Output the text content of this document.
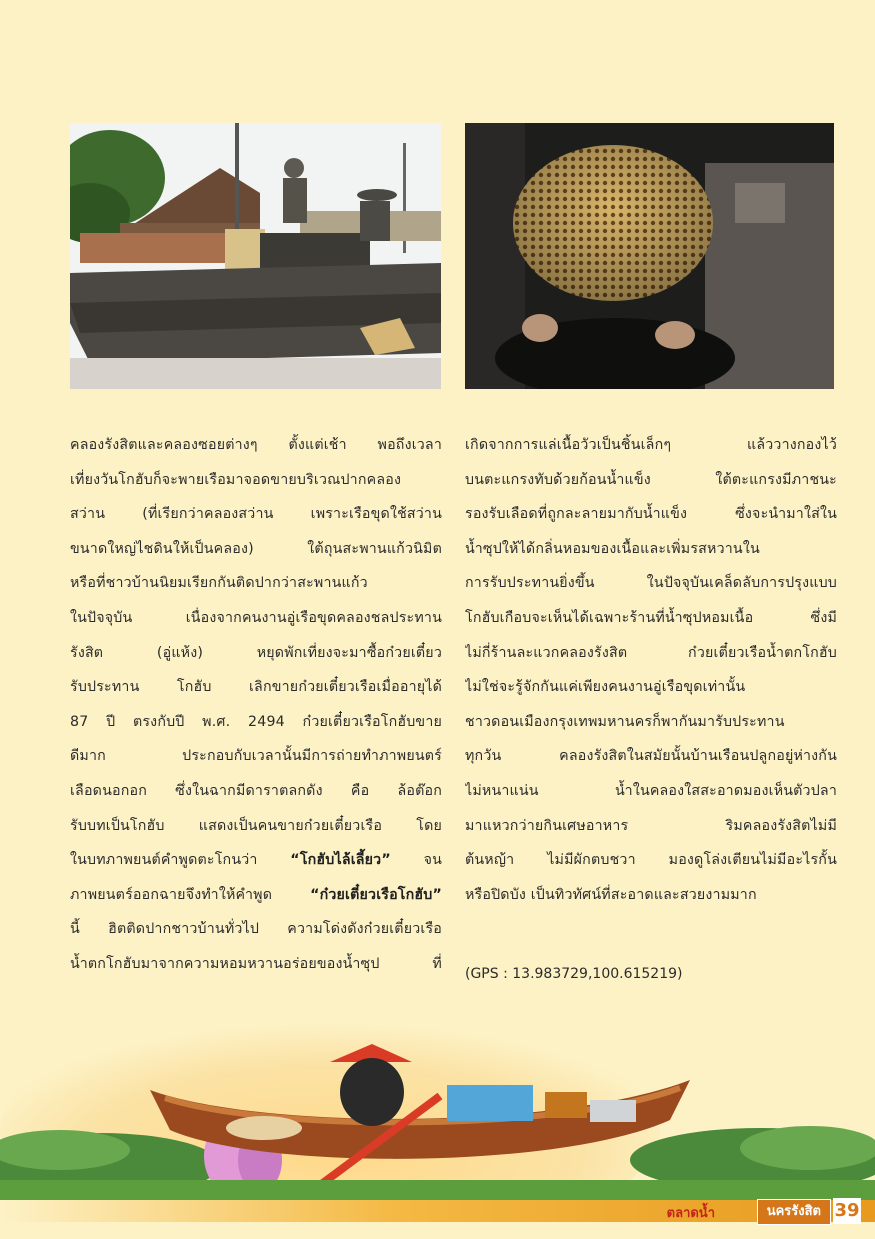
คลองรังสิตและคลองซอยต่างๆ ตั้งแต่เช้า พอถึงเวลา
เที่ยงวันโกฮับก็จะพายเรือมาจอดขายบริเวณปากคลอง
สว่าน (ที่เรียกว่าคลองสว่าน เพราะเรือขุดใช้สว่าน
ขนาดใหญ่ไชดินให้เป็นคลอง) ใต้ถุนสะพานแก้วนิมิต
หรือที่ชาวบ้านนิยมเรียกกันติดปากว่าสะพานแก้ว
ในปัจจุบัน เนื่องจากคนงานอู่เรือขุดคลองชลประทาน
รังสิต (อู่แห้ง) หยุดพักเที่ยงจะมาซื้อก๋วยเตี๋ยว
รับประทาน โกฮับ เลิกขายก๋วยเตี๋ยวเรือเมื่ออายุได้
87 ปี ตรงกับปี พ.ศ. 2494 ก๋วยเตี๋ยวเรือโกฮับขาย
ดีมาก ประกอบกับเวลานั้นมีการถ่ายทำภาพยนตร์
เลือดนอกอก ซึ่งในฉากมีดาราตลกดัง คือ ล้อต๊อก
รับบทเป็นโกฮับ แสดงเป็นคนขายก๋วยเตี๋ยวเรือ โดย
ในบทภาพยนต์คำพูดตะโกนว่า “โกฮับไล้เลี้ยว” จน
ภาพยนตร์ออกฉายจึงทำให้คำพูด “ก๋วยเตี๋ยวเรือโกฮับ”
นี้ ฮิตติดปากชาวบ้านทั่วไป ความโด่งดังก๋วยเตี๋ยวเรือ
น้ำตกโกฮับมาจากความหอมหวานอร่อยของน้ำซุป ที่
เกิดจากการแล่เนื้อวัวเป็นชิ้นเล็กๆ แล้ววางกองไว้
บนตะแกรงทับด้วยก้อนน้ำแข็ง ใต้ตะแกรงมีภาชนะ
รองรับเลือดที่ถูกละลายมากับน้ำแข็ง ซึ่งจะนำมาใส่ใน
น้ำซุปให้ได้กลิ่นหอมของเนื้อและเพิ่มรสหวานใน
การรับประทานยิ่งขึ้น ในปัจจุบันเคล็ดลับการปรุงแบบ
โกฮับเกือบจะเห็นได้เฉพาะร้านที่น้ำซุปหอมเนื้อ ซึ่งมี
ไม่กี่ร้านละแวกคลองรังสิต ก๋วยเตี๋ยวเรือน้ำตกโกฮับ
ไม่ใช่จะรู้จักกันแค่เพียงคนงานอู่เรือขุดเท่านั้น
ชาวดอนเมืองกรุงเทพมหานครก็พากันมารับประทาน
ทุกวัน คลองรังสิตในสมัยนั้นบ้านเรือนปลูกอยู่ห่างกัน
ไม่หนาแน่น น้ำในคลองใสสะอาดมองเห็นตัวปลา
มาแหวกว่ายกินเศษอาหาร ริมคลองรังสิตไม่มี
ต้นหญ้า ไม่มีผักตบชวา มองดูโล่งเตียนไม่มีอะไรกั้น
หรือปิดบัง เป็นทิวทัศน์ที่สะอาดและสวยงามมาก
(GPS : 13.983729,100.615219)
ตลาดน้ำ	นครรังสิต 39
